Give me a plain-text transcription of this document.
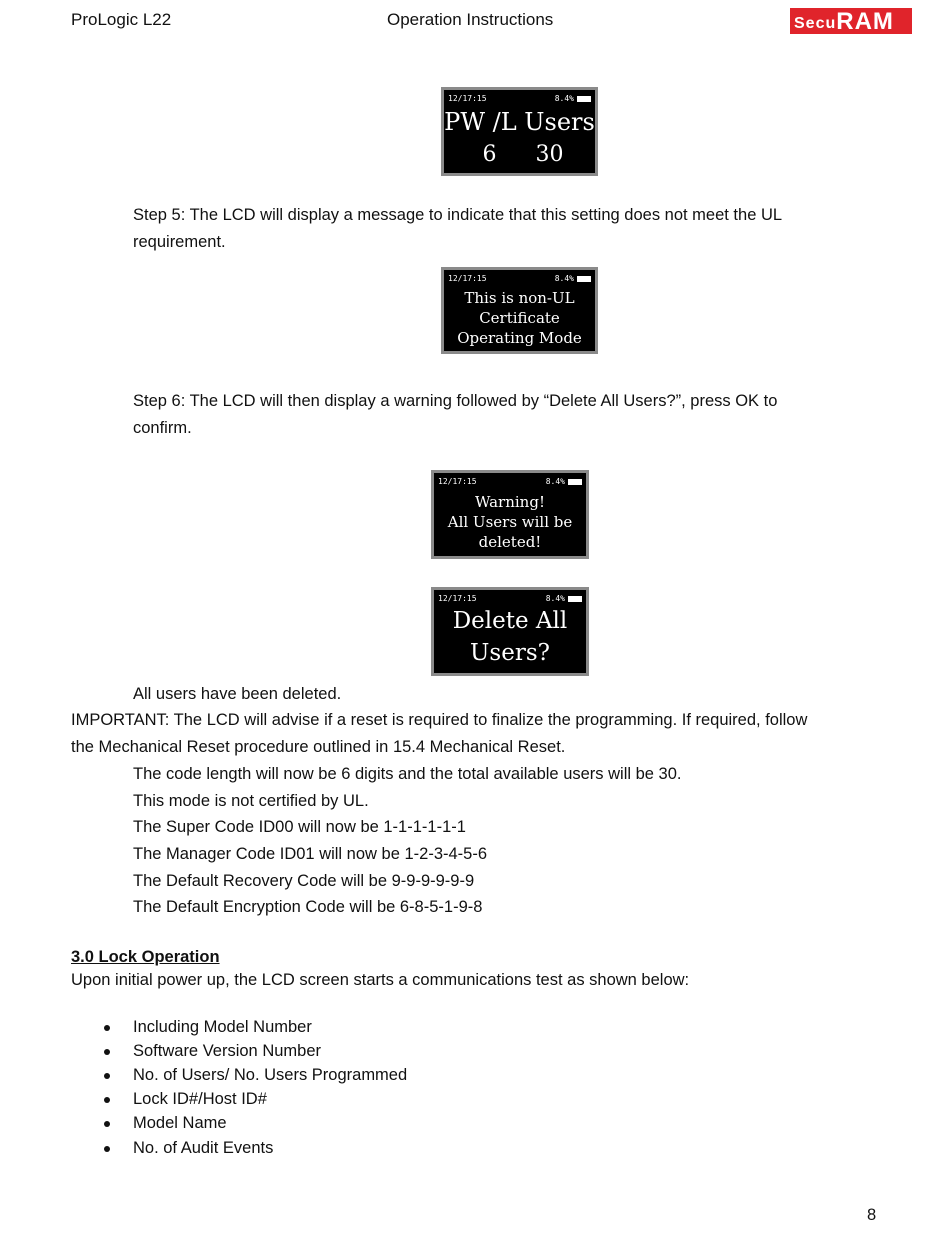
ProLogic L22	Operation Instructions	Secu RAM
12/17:15	8.4%
PW /L Users
6 30
Step 5: The LCD will display a message to indicate that this setting does not meet the UL
requirement.
12/17:15	8.4%
This is non-UL
Certificate
Operating Mode
Step 6: The LCD will then display a warning followed by “Delete All Users?”, press OK to
confirm.
12/17:15	8.4%
Warning!
All Users will be
deleted!
12/17:15	8.4%
Delete All
Users?
All users have been deleted.
IMPORTANT: The LCD will advise if a reset is required to finalize the programming. If required, follow
the Mechanical Reset procedure outlined in 15.4 Mechanical Reset.
The code length will now be 6 digits and the total available users will be 30.
This mode is not certified by UL.
The Super Code ID00 will now be 1-1-1-1-1-1
The Manager Code ID01 will now be 1-2-3-4-5-6
The Default Recovery Code will be 9-9-9-9-9-9
The Default Encryption Code will be 6-8-5-1-9-8
3.0 Lock Operation
Upon initial power up, the LCD screen starts a communications test as shown below:
Including Model Number
Software Version Number
No. of Users/ No. Users Programmed
Lock ID#/Host ID#
Model Name
No. of Audit Events
8
